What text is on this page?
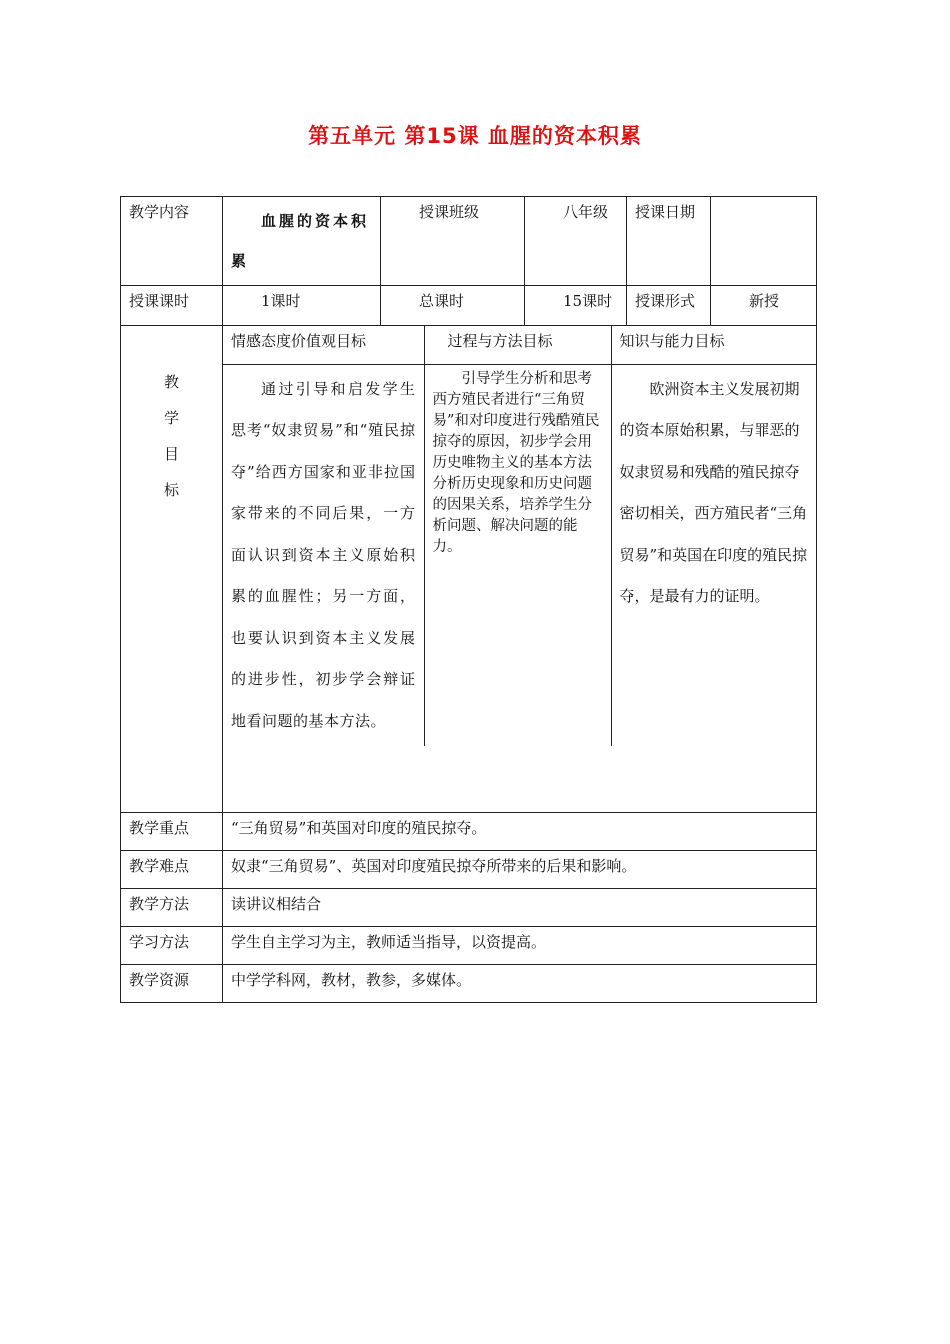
第五单元 第15课 血腥的资本积累
教学内容	血腥的资本积累	授课班级	八年级	授课日期	
授课课时	1课时	总课时	15课时	授课形式	新授

教
学
目
标

情感态度价值观目标	过程与方法目标	知识与能力目标
通过引导和启发学生思考“奴隶贸易”和“殖民掠夺”给西方国家和亚非拉国家带来的不同后果，一方面认识到资本主义原始积累的血腥性；另一方面，也要认识到资本主义发展的进步性，初步学会辩证地看问题的基本方法。	引导学生分析和思考西方殖民者进行“三角贸易”和对印度进行残酷殖民掠夺的原因，初步学会用历史唯物主义的基本方法分析历史现象和历史问题的因果关系，培养学生分析问题、解决问题的能力。	欧洲资本主义发展初期的资本原始积累，与罪恶的奴隶贸易和残酷的殖民掠夺密切相关，西方殖民者“三角贸易”和英国在印度的殖民掠夺，是最有力的证明。

教学重点	“三角贸易”和英国对印度的殖民掠夺。
教学难点	奴隶“三角贸易”、英国对印度殖民掠夺所带来的后果和影响。
教学方法	读讲议相结合
学习方法	学生自主学习为主，教师适当指导，以资提高。
教学资源	中学学科网，教材，教参，多媒体。
